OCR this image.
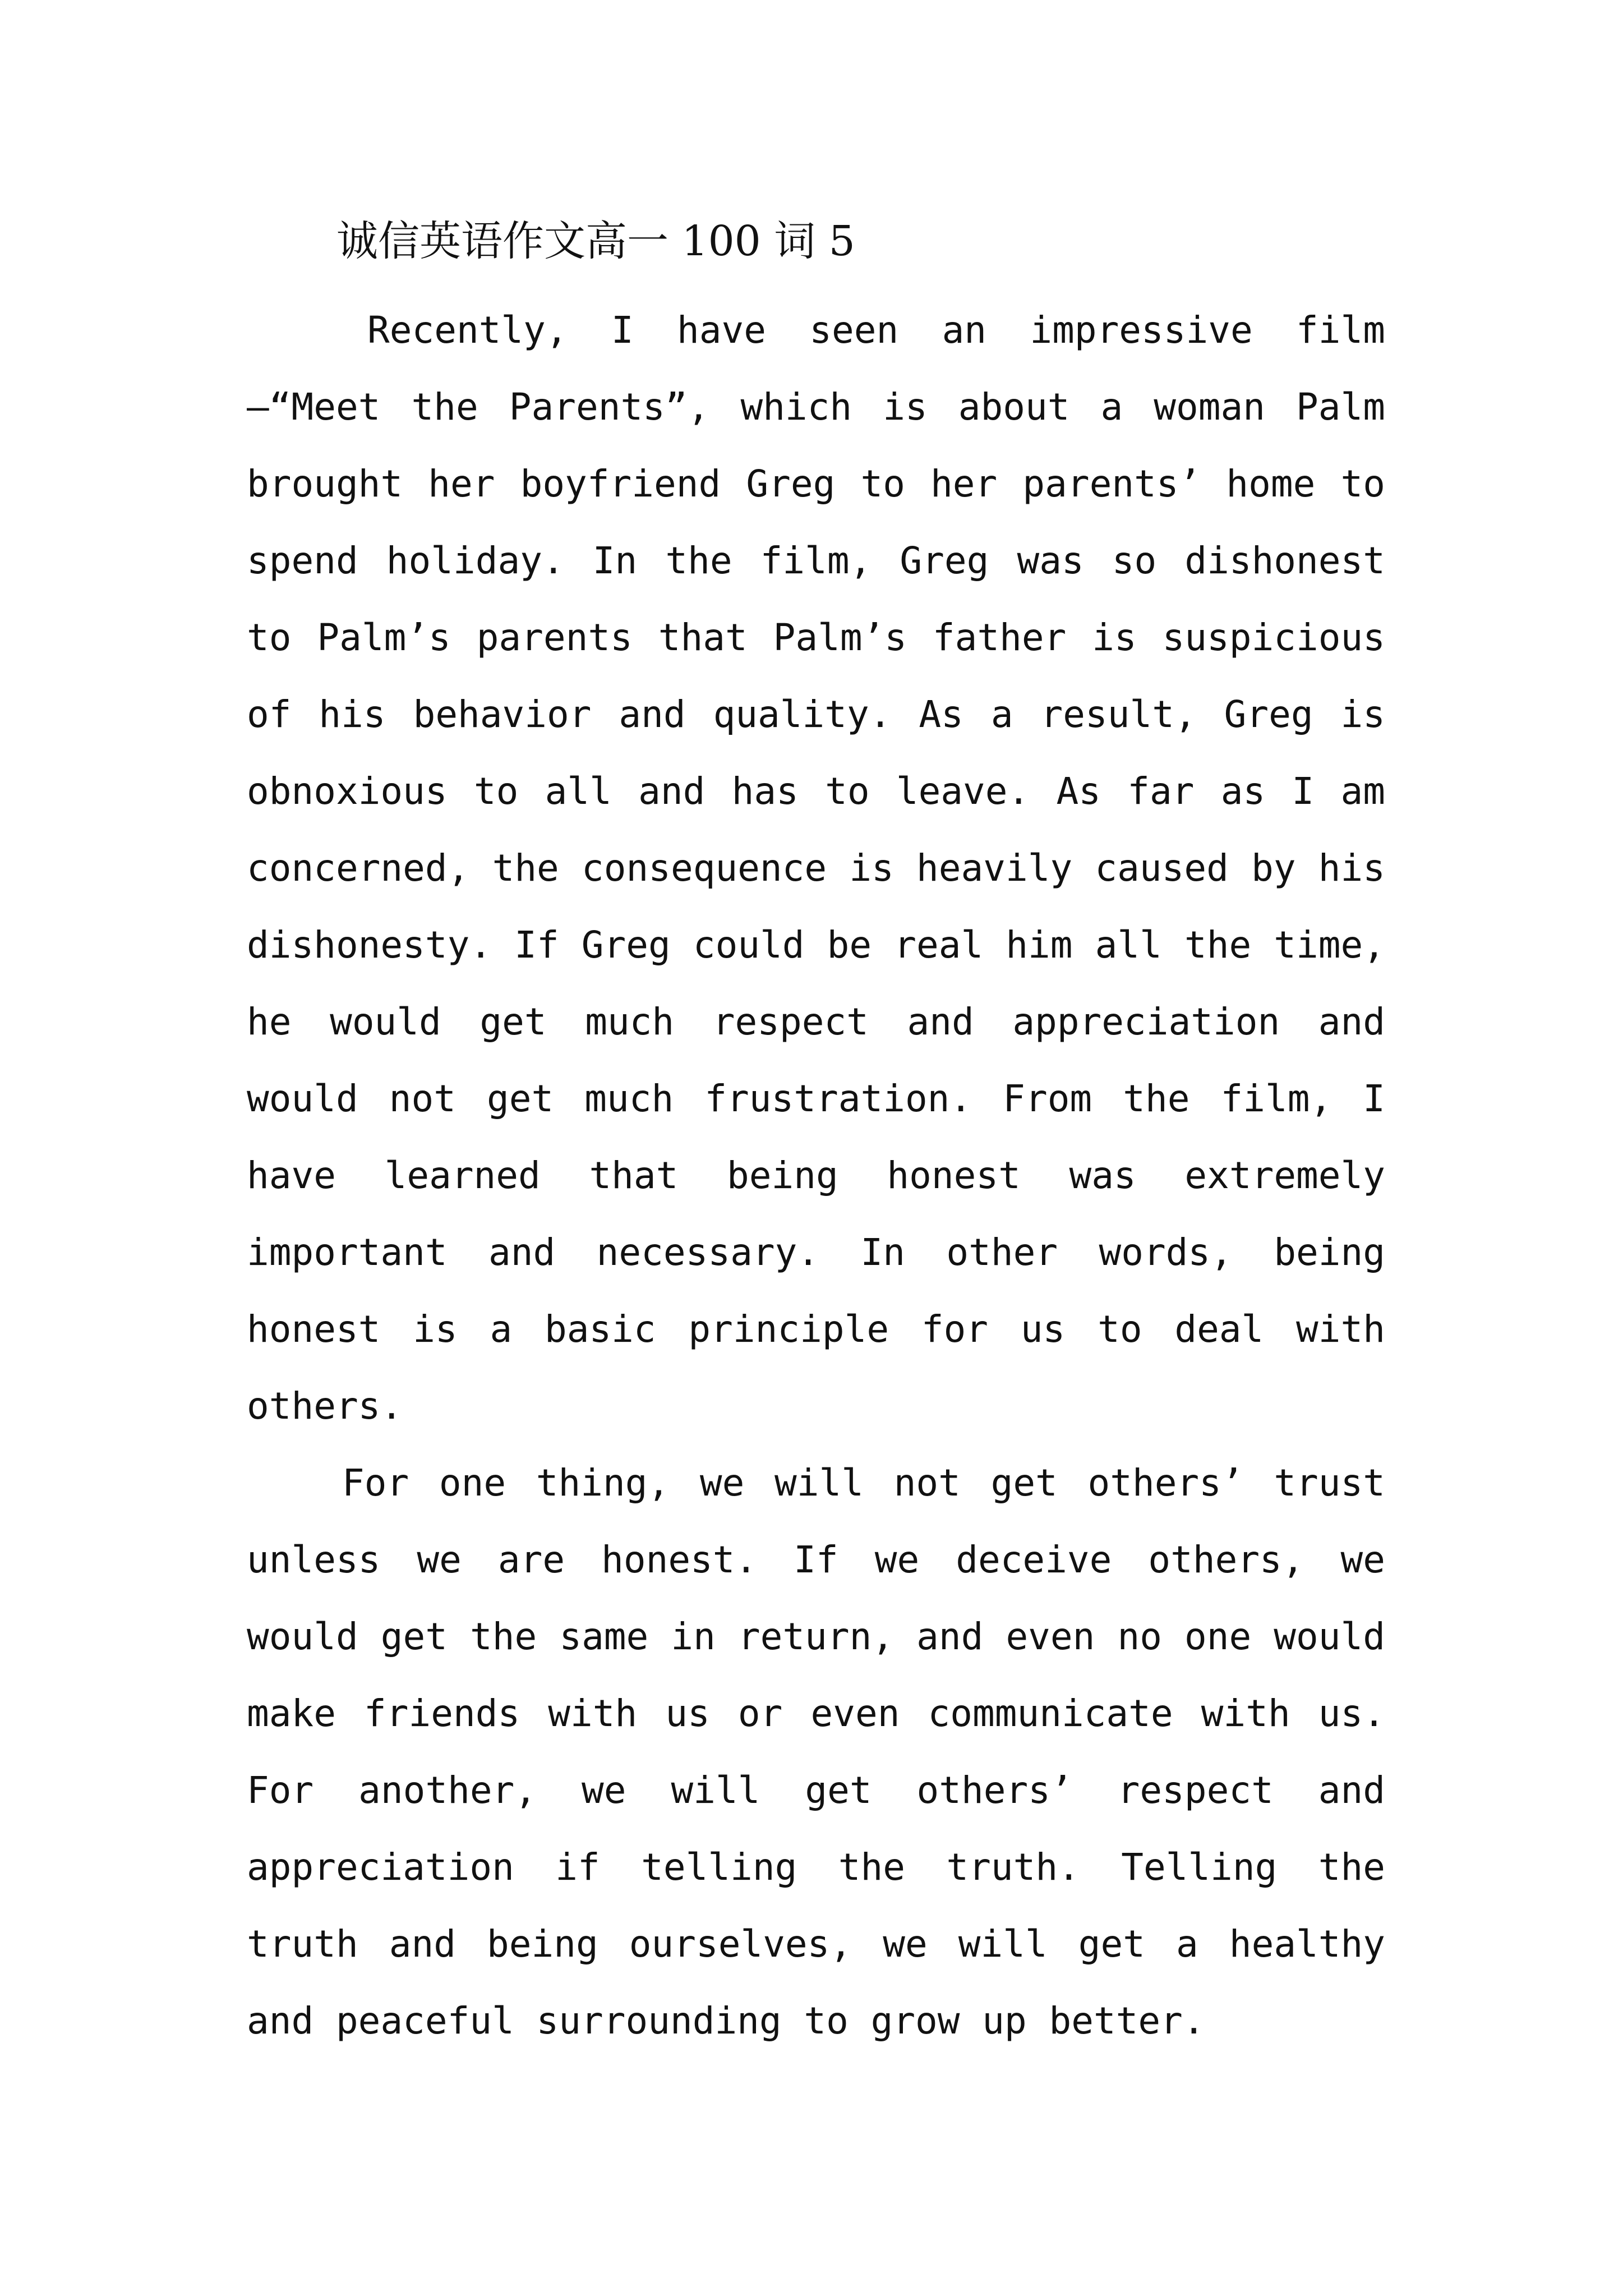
诚信英语作文高一 100 词 5

Recently, I have seen an impressive film—“Meet the Parents”, which is about a woman Palm brought her boyfriend Greg to her parents’ home to spend holiday. In the film, Greg was so dishonest to Palm’s parents that Palm’s father is suspicious of his behavior and quality. As a result, Greg is obnoxious to all and has to leave. As far as I am concerned, the consequence is heavily caused by his dishonesty. If Greg could be real him all the time, he would get much respect and appreciation and would not get much frustration. From the film, I have learned that being honest was extremely important and necessary. In other words, being honest is a basic principle for us to deal with others.

For one thing, we will not get others’ trust unless we are honest. If we deceive others, we would get the same in return, and even no one would make friends with us or even communicate with us. For another, we will get others’ respect and appreciation if telling the truth. Telling the truth and being ourselves, we will get a healthy and peaceful surrounding to grow up better.
